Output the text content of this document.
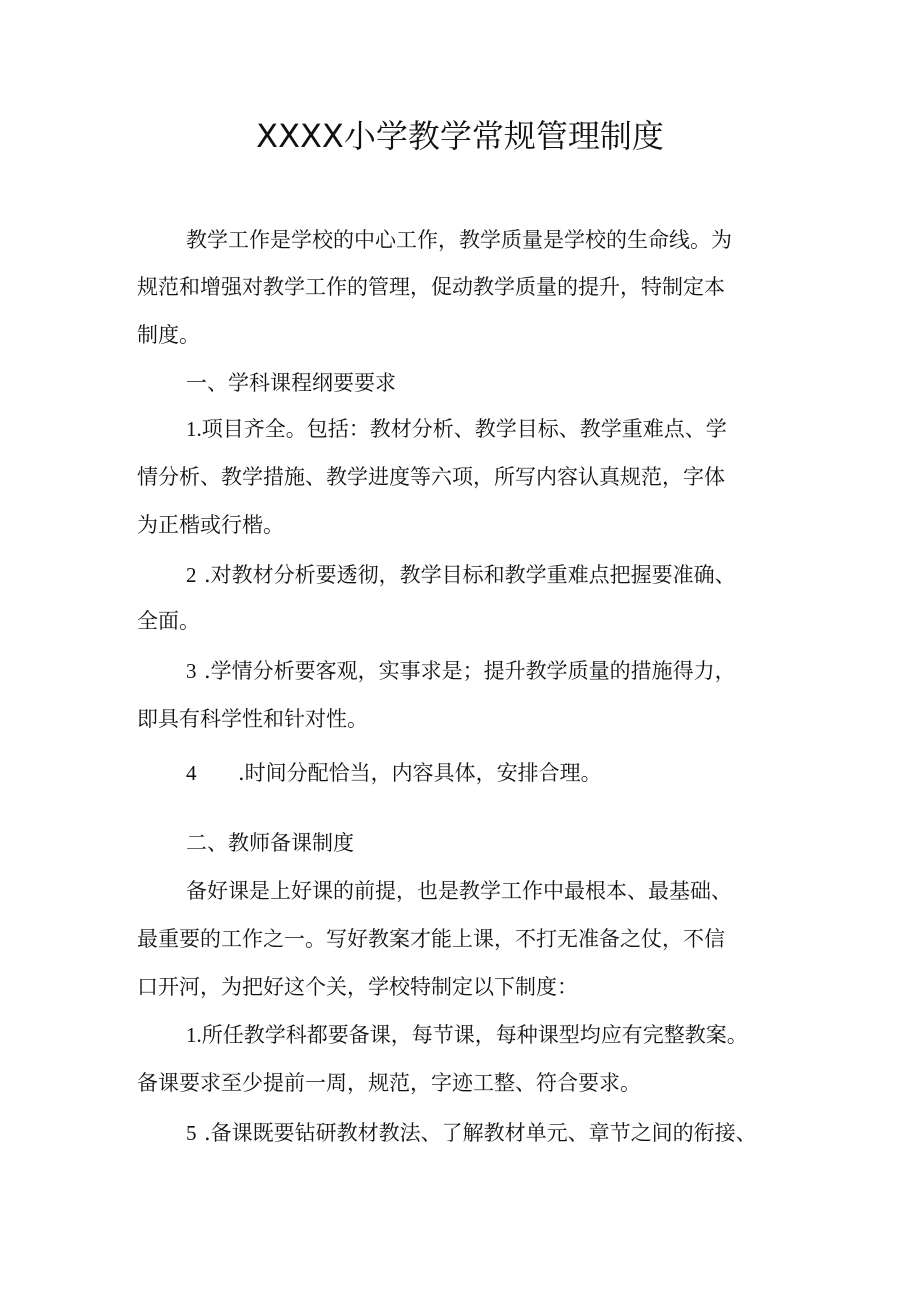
XXXX小学教学常规管理制度
教学工作是学校的中心工作，教学质量是学校的生命线。为
规范和增强对教学工作的管理，促动教学质量的提升，特制定本
制度。
一、学科课程纲要要求
1.项目齐全。包括：教材分析、教学目标、教学重难点、学
情分析、教学措施、教学进度等六项，所写内容认真规范，字体
为正楷或行楷。
2 .对教材分析要透彻，教学目标和教学重难点把握要准确、
全面。
3 .学情分析要客观，实事求是；提升教学质量的措施得力，
即具有科学性和针对性。
4 .时间分配恰当，内容具体，安排合理。
二、教师备课制度
备好课是上好课的前提，也是教学工作中最根本、最基础、
最重要的工作之一。写好教案才能上课，不打无准备之仗，不信
口开河，为把好这个关，学校特制定以下制度：
1.所任教学科都要备课，每节课，每种课型均应有完整教案。
备课要求至少提前一周，规范，字迹工整、符合要求。
5 .备课既要钻研教材教法、了解教材单元、章节之间的衔接、
